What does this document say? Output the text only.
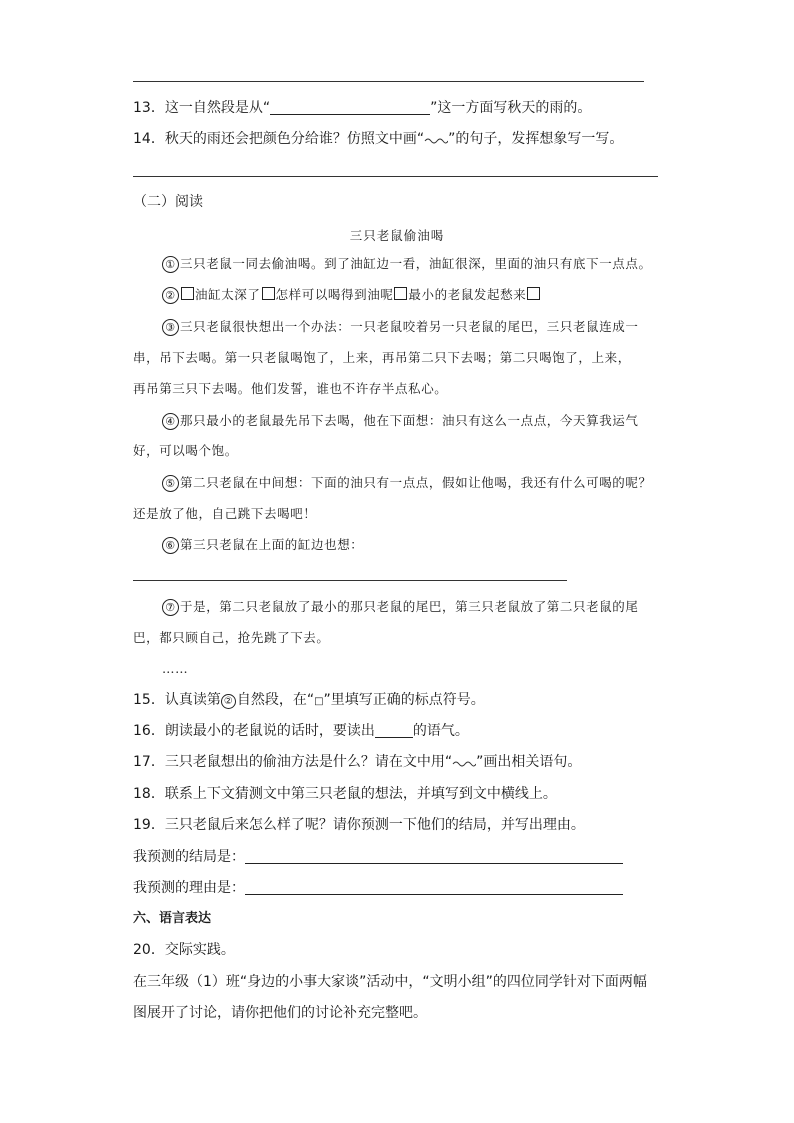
13．这一自然段是从“	”这一方面写秋天的雨的。
14．秋天的雨还会把颜色分给谁？仿照文中画“ ”的句子，发挥想象写一写。
（二）阅读
三只老鼠偷油喝
① 三只老鼠一同去偷油喝。到了油缸边一看，油缸很深，里面的油只有底下一点点。
② 油缸太深了 怎样可以喝得到油呢 最小的老鼠发起愁来
③ 三只老鼠很快想出一个办法：一只老鼠咬着另一只老鼠的尾巴，三只老鼠连成一
串，吊下去喝。第一只老鼠喝饱了，上来，再吊第二只下去喝；第二只喝饱了，上来，
再吊第三只下去喝。他们发誓，谁也不许存半点私心。
④ 那只最小的老鼠最先吊下去喝，他在下面想：油只有这么一点点，今天算我运气
好，可以喝个饱。
⑤ 第二只老鼠在中间想：下面的油只有一点点，假如让他喝，我还有什么可喝的呢？
还是放了他，自己跳下去喝吧！
⑥ 第三只老鼠在上面的缸边也想：
⑦ 于是，第二只老鼠放了最小的那只老鼠的尾巴，第三只老鼠放了第二只老鼠的尾
巴，都只顾自己，抢先跳了下去。
……
15．认真读第 ② 自然段，在“□”里填写正确的标点符号。
16．朗读最小的老鼠说的话时，要读出	的语气。
17．三只老鼠想出的偷油方法是什么？请在文中用“ ”画出相关语句。
18．联系上下文猜测文中第三只老鼠的想法，并填写到文中横线上。
19．三只老鼠后来怎么样了呢？请你预测一下他们的结局，并写出理由。
我预测的结局是：
我预测的理由是：
六、语言表达
20．交际实践。
在三年级（1）班“身边的小事大家谈”活动中，“文明小组”的四位同学针对下面两幅
图展开了讨论，请你把他们的讨论补充完整吧。
